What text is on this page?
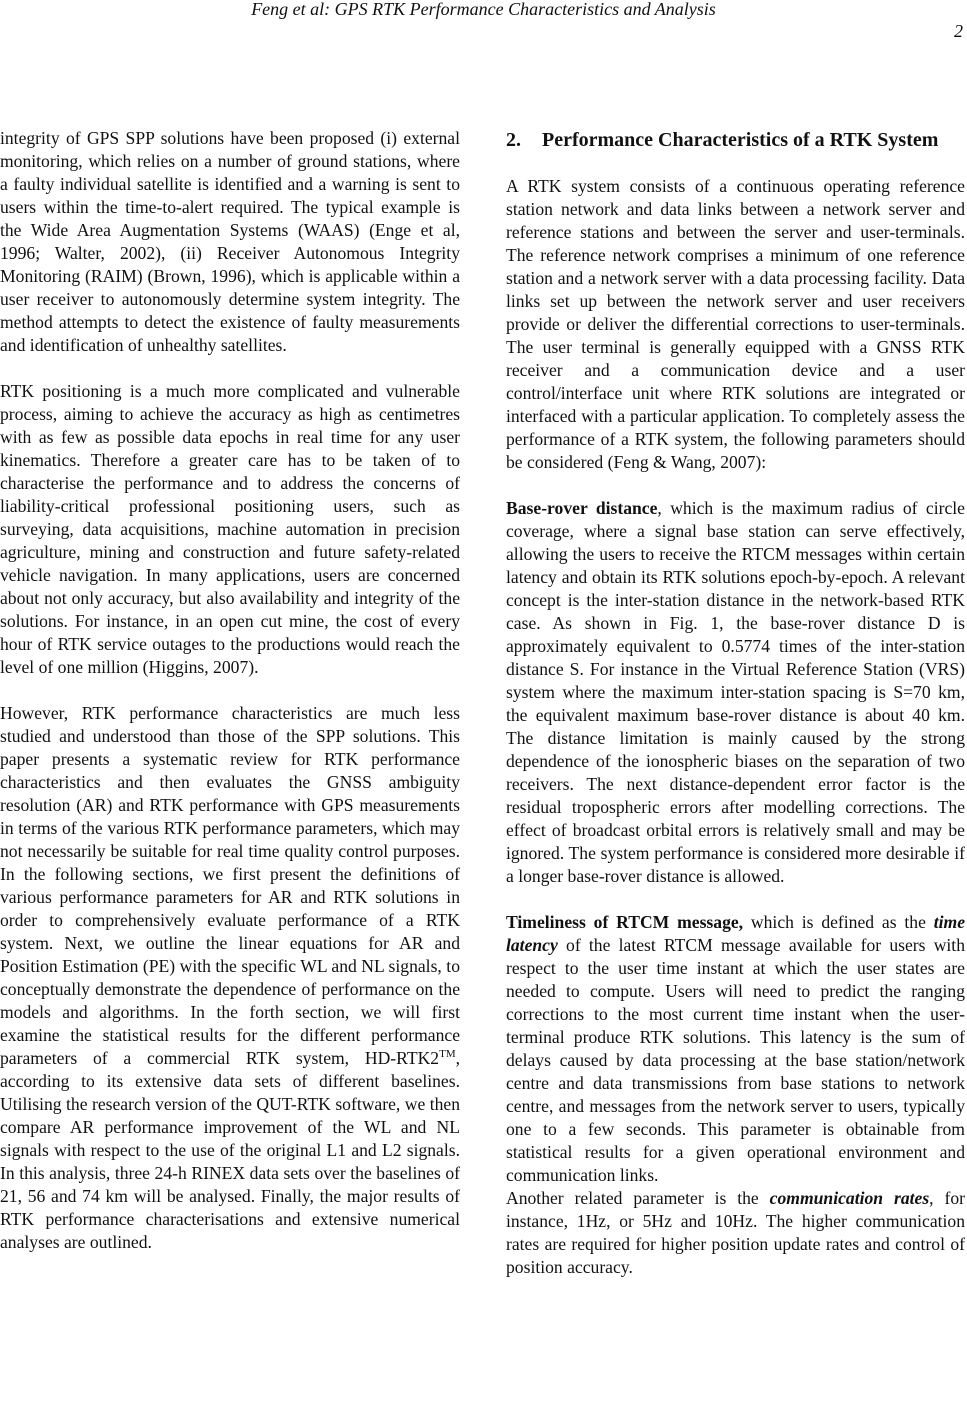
Feng et al: GPS RTK Performance Characteristics and Analysis
2

integrity of GPS SPP solutions have been proposed (i) external monitoring, which relies on a number of ground stations, where a faulty individual satellite is identified and a warning is sent to users within the time-to-alert required. The typical example is the Wide Area Augmentation Systems (WAAS) (Enge et al, 1996; Walter, 2002), (ii) Receiver Autonomous Integrity Monitoring (RAIM) (Brown, 1996), which is applicable within a user receiver to autonomously determine system integrity. The method attempts to detect the existence of faulty measurements and identification of unhealthy satellites.

RTK positioning is a much more complicated and vulnerable process, aiming to achieve the accuracy as high as centimetres with as few as possible data epochs in real time for any user kinematics. Therefore a greater care has to be taken of to characterise the performance and to address the concerns of liability-critical professional positioning users, such as surveying, data acquisitions, machine automation in precision agriculture, mining and construction and future safety-related vehicle navigation. In many applications, users are concerned about not only accuracy, but also availability and integrity of the solutions. For instance, in an open cut mine, the cost of every hour of RTK service outages to the productions would reach the level of one million (Higgins, 2007).

However, RTK performance characteristics are much less studied and understood than those of the SPP solutions. This paper presents a systematic review for RTK performance characteristics and then evaluates the GNSS ambiguity resolution (AR) and RTK performance with GPS measurements in terms of the various RTK performance parameters, which may not necessarily be suitable for real time quality control purposes. In the following sections, we first present the definitions of various performance parameters for AR and RTK solutions in order to comprehensively evaluate performance of a RTK system. Next, we outline the linear equations for AR and Position Estimation (PE) with the specific WL and NL signals, to conceptually demonstrate the dependence of performance on the models and algorithms. In the forth section, we will first examine the statistical results for the different performance parameters of a commercial RTK system, HD-RTK2™, according to its extensive data sets of different baselines. Utilising the research version of the QUT-RTK software, we then compare AR performance improvement of the WL and NL signals with respect to the use of the original L1 and L2 signals. In this analysis, three 24-h RINEX data sets over the baselines of 21, 56 and 74 km will be analysed. Finally, the major results of RTK performance characterisations and extensive numerical analyses are outlined.

2.	Performance Characteristics of a RTK System

A RTK system consists of a continuous operating reference station network and data links between a network server and reference stations and between the server and user-terminals. The reference network comprises a minimum of one reference station and a network server with a data processing facility. Data links set up between the network server and user receivers provide or deliver the differential corrections to user-terminals. The user terminal is generally equipped with a GNSS RTK receiver and a communication device and a user control/interface unit where RTK solutions are integrated or interfaced with a particular application. To completely assess the performance of a RTK system, the following parameters should be considered (Feng & Wang, 2007):

Base-rover distance, which is the maximum radius of circle coverage, where a signal base station can serve effectively, allowing the users to receive the RTCM messages within certain latency and obtain its RTK solutions epoch-by-epoch. A relevant concept is the inter-station distance in the network-based RTK case. As shown in Fig. 1, the base-rover distance D is approximately equivalent to 0.5774 times of the inter-station distance S. For instance in the Virtual Reference Station (VRS) system where the maximum inter-station spacing is S=70 km, the equivalent maximum base-rover distance is about 40 km. The distance limitation is mainly caused by the strong dependence of the ionospheric biases on the separation of two receivers. The next distance-dependent error factor is the residual tropospheric errors after modelling corrections. The effect of broadcast orbital errors is relatively small and may be ignored. The system performance is considered more desirable if a longer base-rover distance is allowed.

Timeliness of RTCM message, which is defined as the time latency of the latest RTCM message available for users with respect to the user time instant at which the user states are needed to compute. Users will need to predict the ranging corrections to the most current time instant when the user-terminal produce RTK solutions. This latency is the sum of delays caused by data processing at the base station/network centre and data transmissions from base stations to network centre, and messages from the network server to users, typically one to a few seconds. This parameter is obtainable from statistical results for a given operational environment and communication links.

Another related parameter is the communication rates, for instance, 1Hz, or 5Hz and 10Hz. The higher communication rates are required for higher position update rates and control of position accuracy.
